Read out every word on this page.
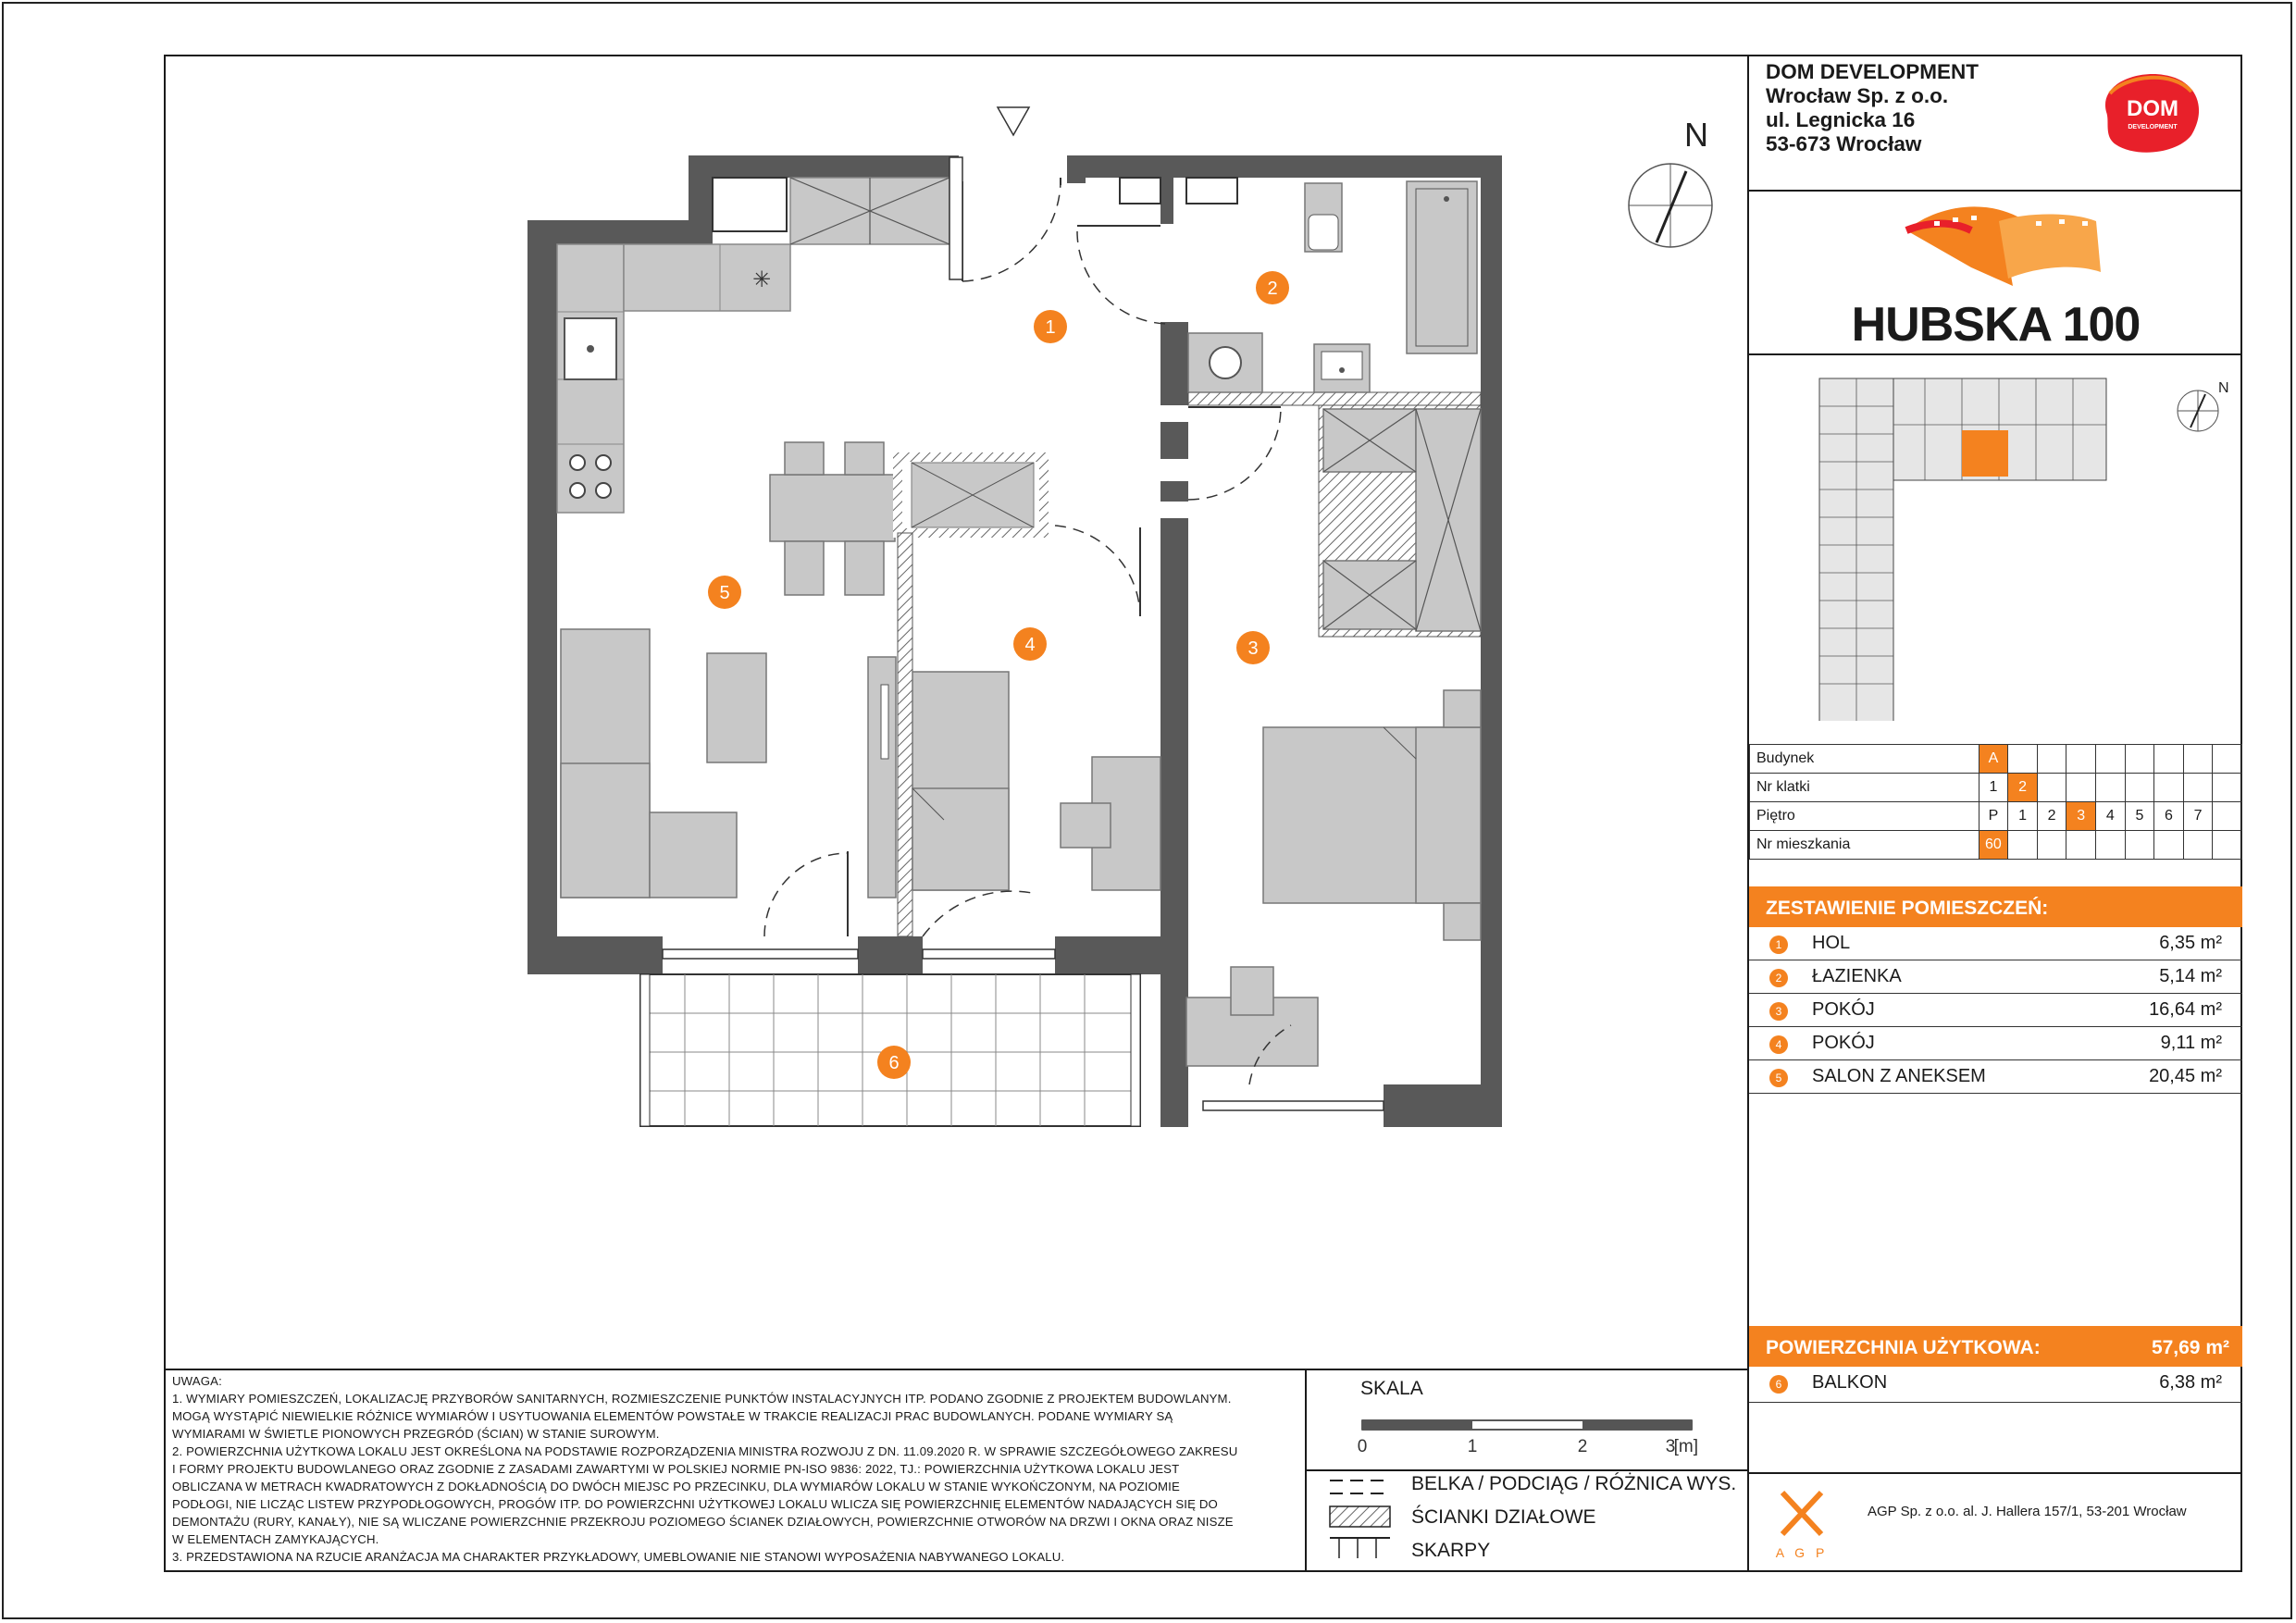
✳
N
1
2
3
4
5
6
DOM DEVELOPMENT
Wrocław Sp. z o.o.
ul. Legnicka 16
53-673 Wrocław
DOM
DEVELOPMENT
HUBSKA 100
N
Budynek	A								
Nr klatki	1	2							
Piętro	P	1	2	3	4	5	6	7	
Nr mieszkania	60								
ZESTAWIENIE POMIESZCZEŃ:
1	HOL	6,35 m²
2	ŁAZIENKA	5,14 m²
3	POKÓJ	16,64 m²
4	POKÓJ	9,11 m²
5	SALON Z ANEKSEM	20,45 m²
POWIERZCHNIA UŻYTKOWA:	57,69 m²
6	BALKON	6,38 m²
A G P
AGP Sp. z o.o. al. J. Hallera 157/1, 53-201 Wrocław
UWAGA:
1. WYMIARY POMIESZCZEŃ, LOKALIZACJĘ PRZYBORÓW SANITARNYCH, ROZMIESZCZENIE PUNKTÓW INSTALACYJNYCH ITP. PODANO ZGODNIE Z PROJEKTEM BUDOWLANYM.
MOGĄ WYSTĄPIĆ NIEWIELKIE RÓŻNICE WYMIARÓW I USYTUOWANIA ELEMENTÓW POWSTAŁE W TRAKCIE REALIZACJI PRAC BUDOWLANYCH. PODANE WYMIARY SĄ
WYMIARAMI W ŚWIETLE PIONOWYCH PRZEGRÓD (ŚCIAN) W STANIE SUROWYM.
2. POWIERZCHNIA UŻYTKOWA LOKALU JEST OKREŚLONA NA PODSTAWIE ROZPORZĄDZENIA MINISTRA ROZWOJU Z DN. 11.09.2020 R. W SPRAWIE SZCZEGÓŁOWEGO ZAKRESU
I FORMY PROJEKTU BUDOWLANEGO ORAZ ZGODNIE Z ZASADAMI ZAWARTYMI W POLSKIEJ NORMIE PN-ISO 9836: 2022, TJ.: POWIERZCHNIA UŻYTKOWA LOKALU JEST
OBLICZANA W METRACH KWADRATOWYCH Z DOKŁADNOŚCIĄ DO DWÓCH MIEJSC PO PRZECINKU, DLA WYMIARÓW LOKALU W STANIE WYKOŃCZONYM, NA POZIOMIE
PODŁOGI, NIE LICZĄC LISTEW PRZYPODŁOGOWYCH, PROGÓW ITP. DO POWIERZCHNI UŻYTKOWEJ LOKALU WLICZA SIĘ POWIERZCHNIĘ ELEMENTÓW NADAJĄCYCH SIĘ DO
DEMONTAŻU (RURY, KANAŁY), NIE SĄ WLICZANE POWIERZCHNIE PRZEKROJU POZIOMEGO ŚCIANEK DZIAŁOWYCH, POWIERZCHNIE OTWORÓW NA DRZWI I OKNA ORAZ NISZE
W ELEMENTACH ZAMYKAJĄCYCH.
3. PRZEDSTAWIONA NA RZUCIE ARANŻACJA MA CHARAKTER PRZYKŁADOWY, UMEBLOWANIE NIE STANOWI WYPOSAŻENIA NABYWANEGO LOKALU.
SKALA
0	1	2	3
[m]
BELKA / PODCIĄG / RÓŻNICA WYS.
ŚCIANKI DZIAŁOWE
SKARPY
